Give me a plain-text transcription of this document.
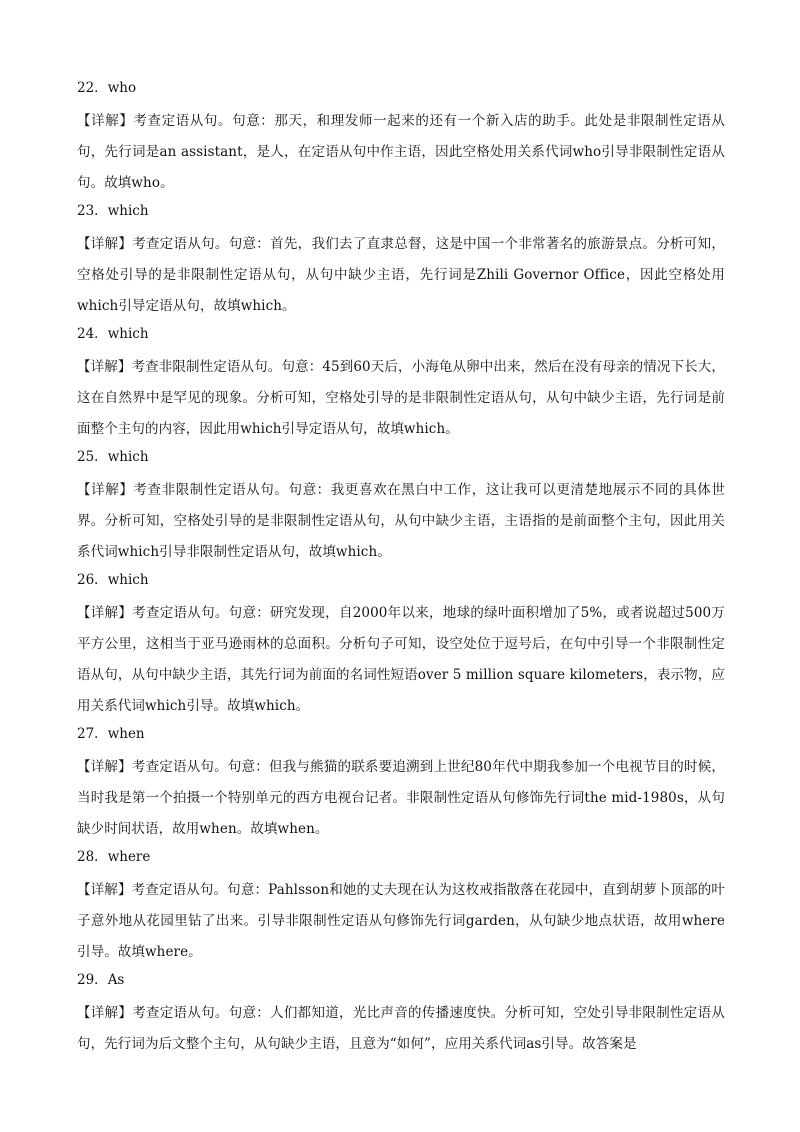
22．who

【详解】考查定语从句。句意：那天，和理发师一起来的还有一个新入店的助手。此处是非限制性定语从句，先行词是an assistant，是人，在定语从句中作主语，因此空格处用关系代词who引导非限制性定语从句。故填who。

23．which

【详解】考查定语从句。句意：首先，我们去了直隶总督，这是中国一个非常著名的旅游景点。分析可知，空格处引导的是非限制性定语从句，从句中缺少主语，先行词是Zhili Governor Office，因此空格处用which引导定语从句，故填which。

24．which

【详解】考查非限制性定语从句。句意：45到60天后，小海龟从卵中出来，然后在没有母亲的情况下长大，这在自然界中是罕见的现象。分析可知，空格处引导的是非限制性定语从句，从句中缺少主语，先行词是前面整个主句的内容，因此用which引导定语从句，故填which。

25．which

【详解】考查非限制性定语从句。句意：我更喜欢在黑白中工作，这让我可以更清楚地展示不同的具体世界。分析可知，空格处引导的是非限制性定语从句，从句中缺少主语，主语指的是前面整个主句，因此用关系代词which引导非限制性定语从句，故填which。

26．which

【详解】考查定语从句。句意：研究发现，自2000年以来，地球的绿叶面积增加了5%，或者说超过500万平方公里，这相当于亚马逊雨林的总面积。分析句子可知，设空处位于逗号后，在句中引导一个非限制性定语从句，从句中缺少主语，其先行词为前面的名词性短语over 5 million square kilometers，表示物，应用关系代词which引导。故填which。

27．when

【详解】考查定语从句。句意：但我与熊猫的联系要追溯到上世纪80年代中期我参加一个电视节目的时候，当时我是第一个拍摄一个特别单元的西方电视台记者。非限制性定语从句修饰先行词the mid-1980s，从句缺少时间状语，故用when。故填when。

28．where

【详解】考查定语从句。句意：Pahlsson和她的丈夫现在认为这枚戒指散落在花园中，直到胡萝卜顶部的叶子意外地从花园里钻了出来。引导非限制性定语从句修饰先行词garden，从句缺少地点状语，故用where引导。故填where。

29．As

【详解】考查定语从句。句意：人们都知道，光比声音的传播速度快。分析可知，空处引导非限制性定语从句，先行词为后文整个主句，从句缺少主语，且意为“如何”，应用关系代词as引导。故答案是
